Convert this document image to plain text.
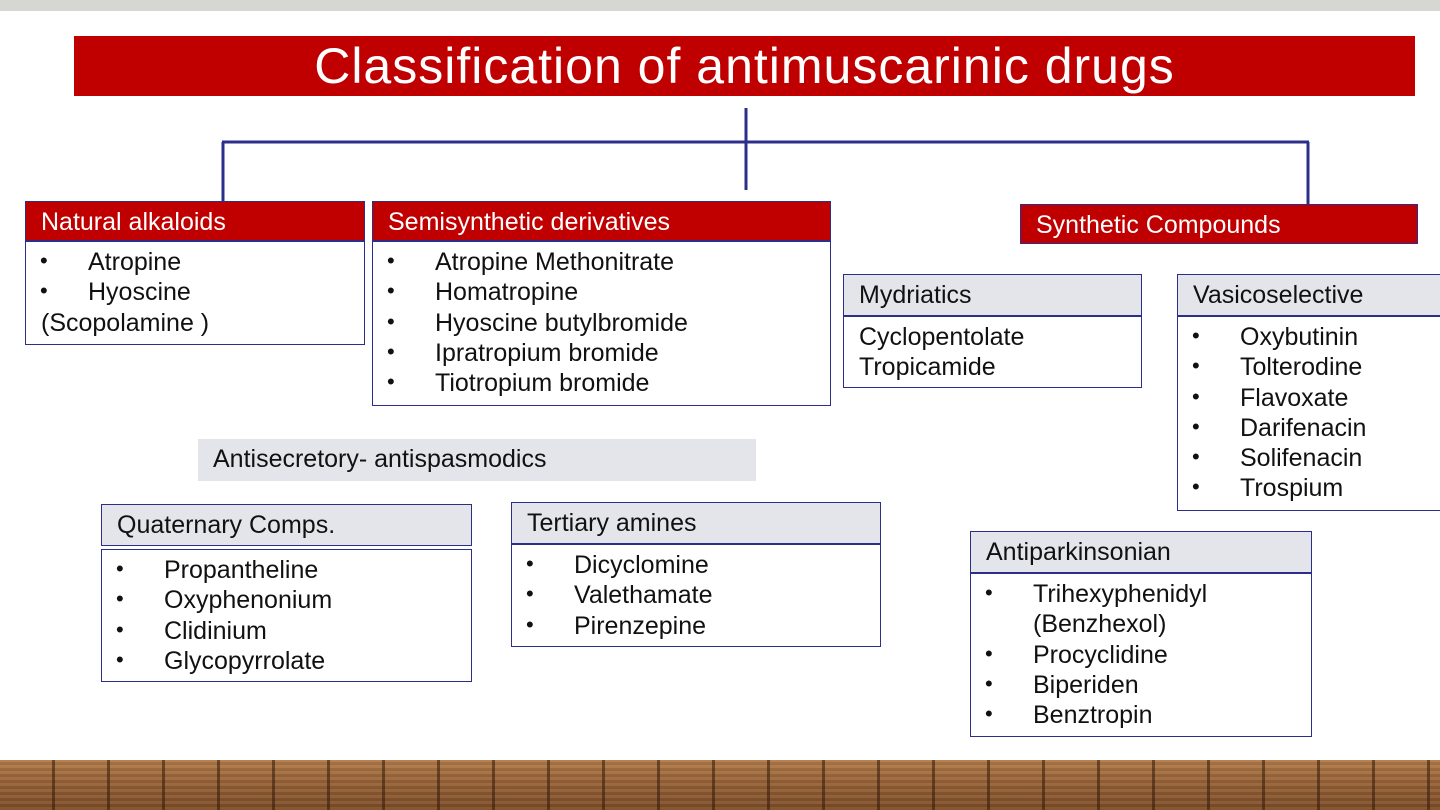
Classification of antimuscarinic drugs
Natural alkaloids
• Atropine
• Hyoscine
(Scopolamine )
Semisynthetic derivatives
• Atropine Methonitrate
• Homatropine
• Hyoscine butylbromide
• Ipratropium bromide
• Tiotropium bromide
Synthetic Compounds
Mydriatics
Cyclopentolate
Tropicamide
Vasicoselective
• Oxybutinin
• Tolterodine
• Flavoxate
• Darifenacin
• Solifenacin
• Trospium
Antisecretory- antispasmodics
Quaternary Comps.
• Propantheline
• Oxyphenonium
• Clidinium
• Glycopyrrolate
Tertiary amines
• Dicyclomine
• Valethamate
• Pirenzepine
Antiparkinsonian
• Trihexyphenidyl
(Benzhexol)
• Procyclidine
• Biperiden
• Benztropin
